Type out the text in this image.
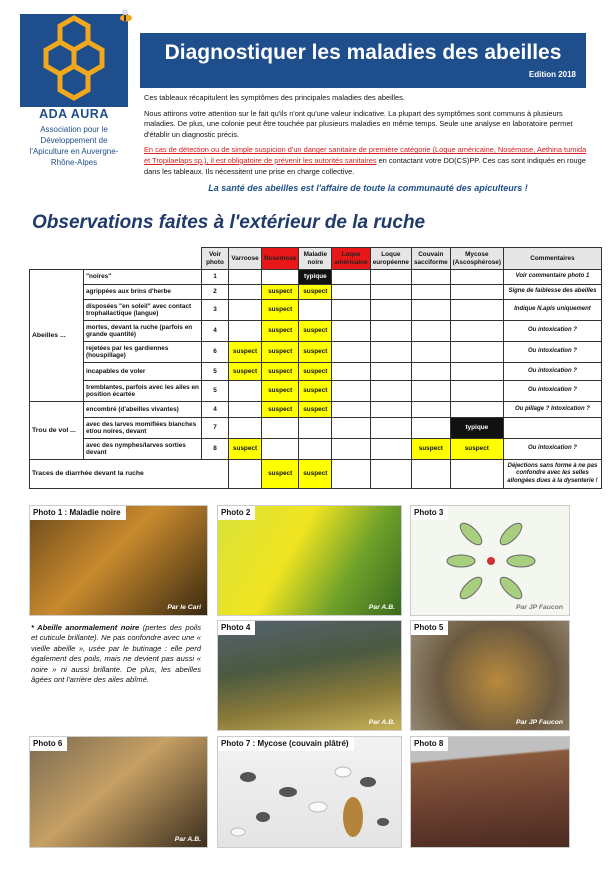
ADA AURA
Association pour le Développement de l'Apiculture en Auvergne-Rhône-Alpes
Diagnostiquer les maladies des abeilles
Edition 2018

Ces tableaux récapitulent les symptômes des principales maladies des abeilles.

Nous attirons votre attention sur le fait qu'ils n'ont qu'une valeur indicative. La plupart des symptômes sont communs à plusieurs maladies. De plus, une colonie peut être touchée par plusieurs maladies en même temps. Seule une analyse en laboratoire permet d'établir un diagnostic précis.

En cas de détection ou de simple suspicion d'un danger sanitaire de première catégorie (Loque américaine, Nosémose, Aethina tumida et Tropilaelaps sp.), il est obligatoire de prévenir les autorités sanitaires en contactant votre DD(CS)PP. Ces cas sont indiqués en rouge dans les tableaux. Ils nécessitent une prise en charge collective.

La santé des abeilles est l'affaire de toute la communauté des apiculteurs !
Observations faites à l'extérieur de la ruche
		Voir photo	Varroose	Nosémose	Maladie noire	Loque américaine	Loque européenne	Couvain sacciforme	Mycose (Ascosphérose)	Commentaires
Abeilles ...	"noires"	1			typique					Voir commentaire photo 1
	agrippées aux brins d'herbe	2		suspect	suspect					Signe de faiblesse des abeilles
	disposées "en soleil" avec contact trophallactique (langue)	3		suspect						Indique N.apis uniquement
	mortes, devant la ruche (parfois en grande quantité)	4		suspect	suspect					Ou intoxication ?
	rejetées par les gardiennes (houspillage)	6	suspect	suspect	suspect					Ou intoxication ?
	incapables de voler	5	suspect	suspect	suspect					Ou intoxication ?
	tremblantes, parfois avec les ailes en position écartée	5		suspect	suspect					Ou intoxication ?
Trou de vol ...	encombré (d'abeilles vivantes)	4		suspect	suspect					Ou pillage ? Intoxication ?
	avec des larves momifiées blanches et/ou noires, devant	7							typique	
	avec des nymphes/larves sorties devant	8	suspect					suspect	suspect	Ou intoxication ?
Traces de diarrhée devant la ruche				suspect	suspect					Déjections sans forme à ne pas confondre avec les selles allongées dues à la dysenterie !
Photo 1 : Maladie noire
Par le Cari
Photo 2
Par A.B.
Photo 3
Par JP Faucon
Photo 4
Par A.B.
Photo 5
Par JP Faucon
Photo 6
Par A.B.
Photo 7 : Mycose (couvain plâtré)	Photo 8
* Abeille anormalement noire (pertes des poils et cuticule brillante). Ne pas confondre avec une « vieille abeille », usée par le butinage : elle perd également des poils, mais ne devient pas aussi « noire » ni aussi brillante. De plus, les abeilles âgées ont l'arrière des ailes abîmé.
